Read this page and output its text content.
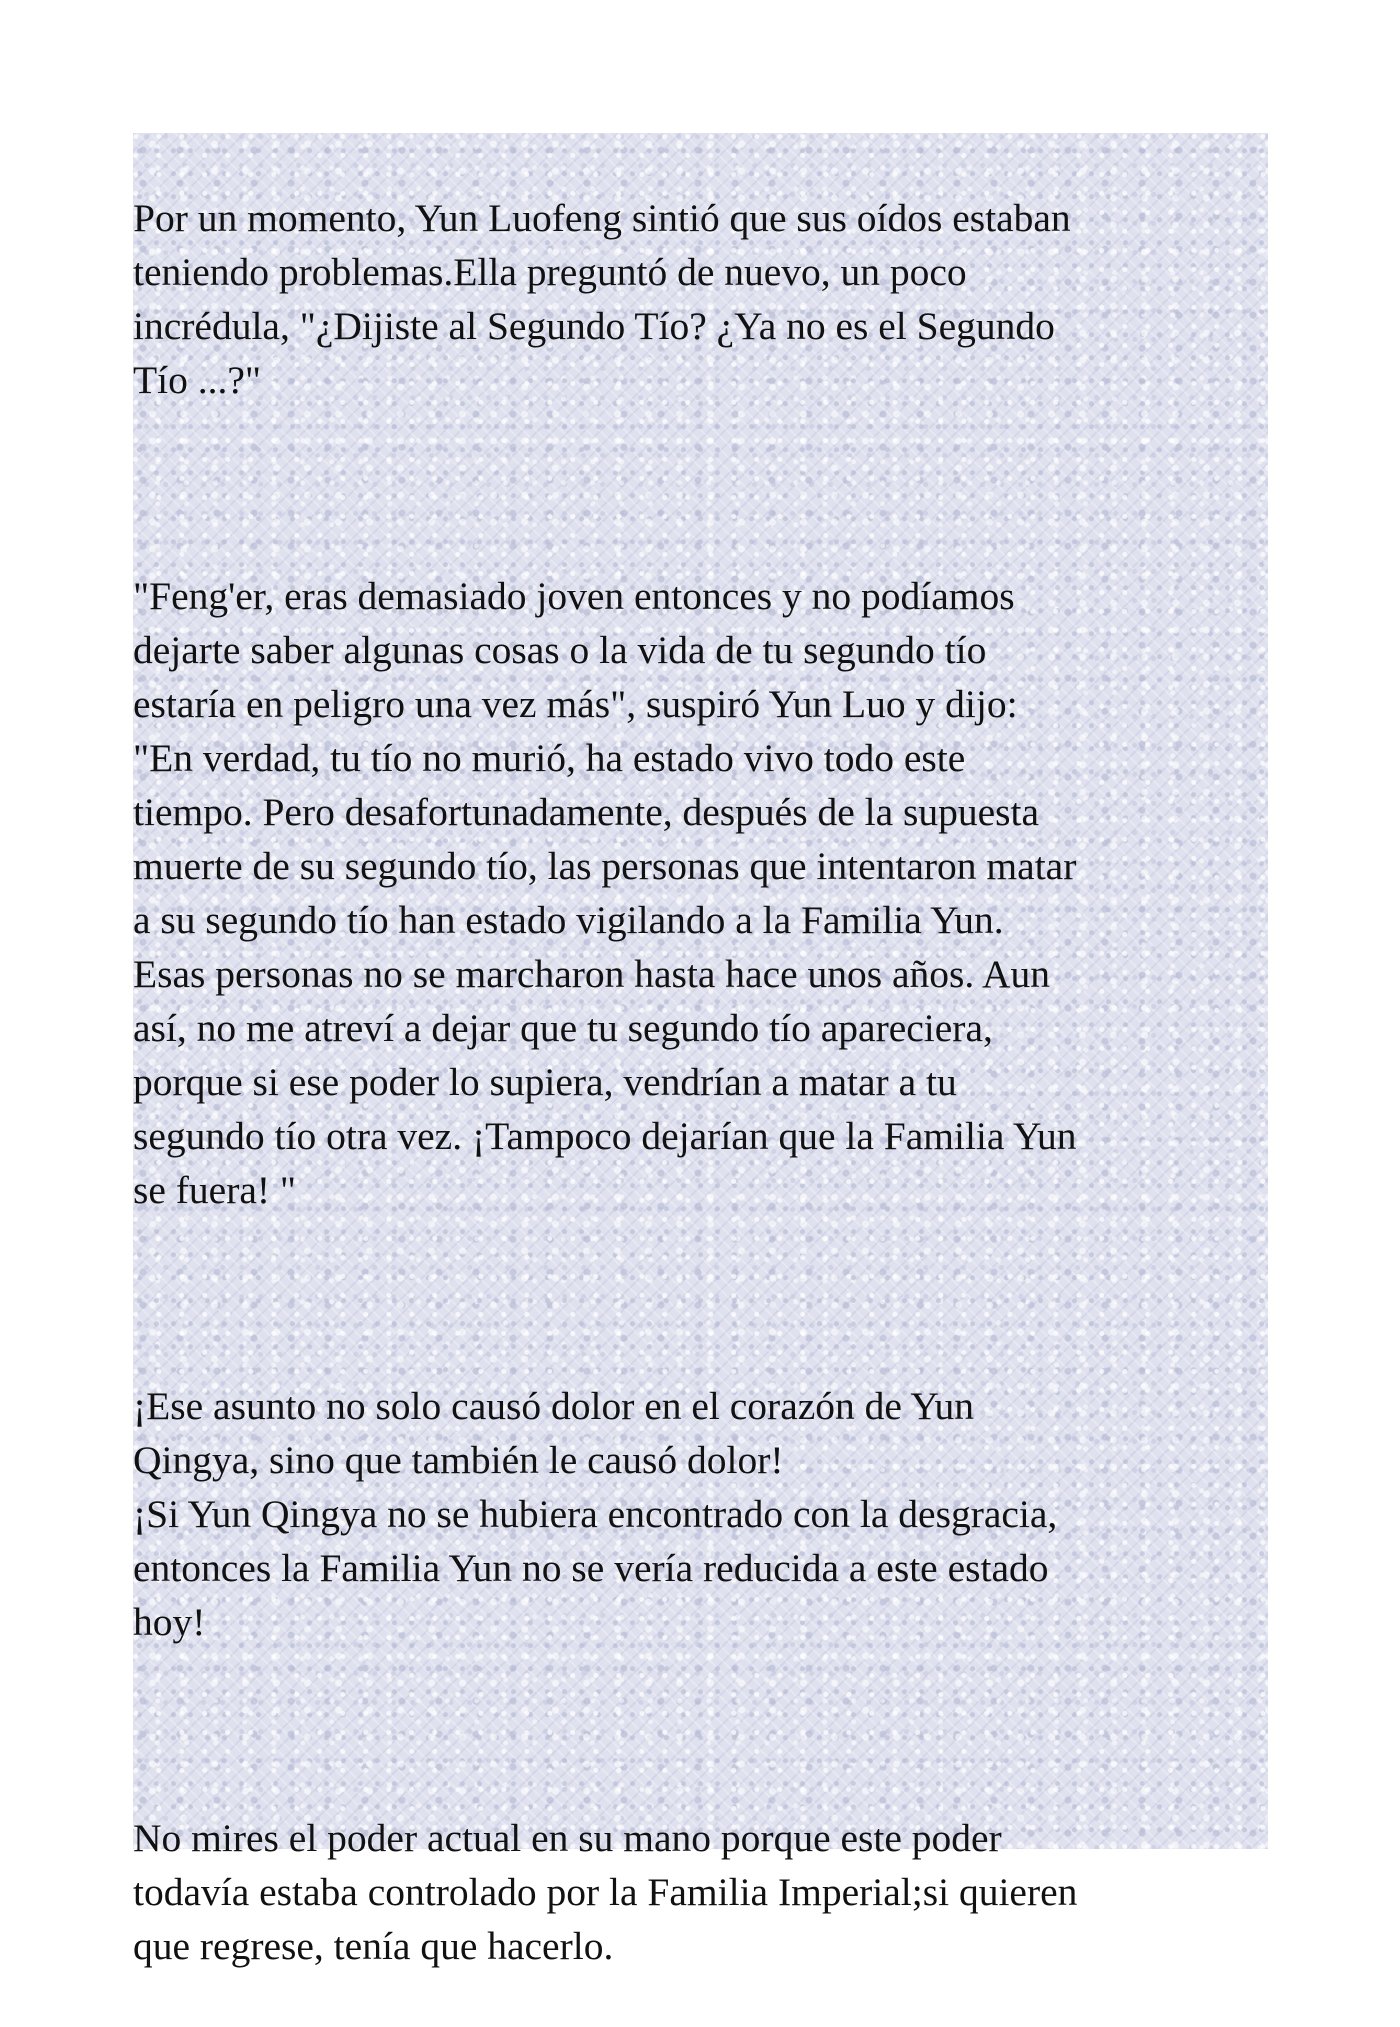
Por un momento, Yun Luofeng sintió que sus oídos estaban
teniendo problemas.Ella preguntó de nuevo, un poco
incrédula, "¿Dijiste al Segundo Tío? ¿Ya no es el Segundo
Tío ...?"

"Feng'er, eras demasiado joven entonces y no podíamos
dejarte saber algunas cosas o la vida de tu segundo tío
estaría en peligro una vez más", suspiró Yun Luo y dijo:
"En verdad, tu tío no murió, ha estado vivo todo este
tiempo. Pero desafortunadamente, después de la supuesta
muerte de su segundo tío, las personas que intentaron matar
a su segundo tío han estado vigilando a la Familia Yun.
Esas personas no se marcharon hasta hace unos años. Aun
así, no me atreví a dejar que tu segundo tío apareciera,
porque si ese poder lo supiera, vendrían a matar a tu
segundo tío otra vez. ¡Tampoco dejarían que la Familia Yun
se fuera! "

¡Ese asunto no solo causó dolor en el corazón de Yun
Qingya, sino que también le causó dolor!
¡Si Yun Qingya no se hubiera encontrado con la desgracia,
entonces la Familia Yun no se vería reducida a este estado
hoy!

No mires el poder actual en su mano porque este poder
todavía estaba controlado por la Familia Imperial;si quieren
que regrese, tenía que hacerlo.
